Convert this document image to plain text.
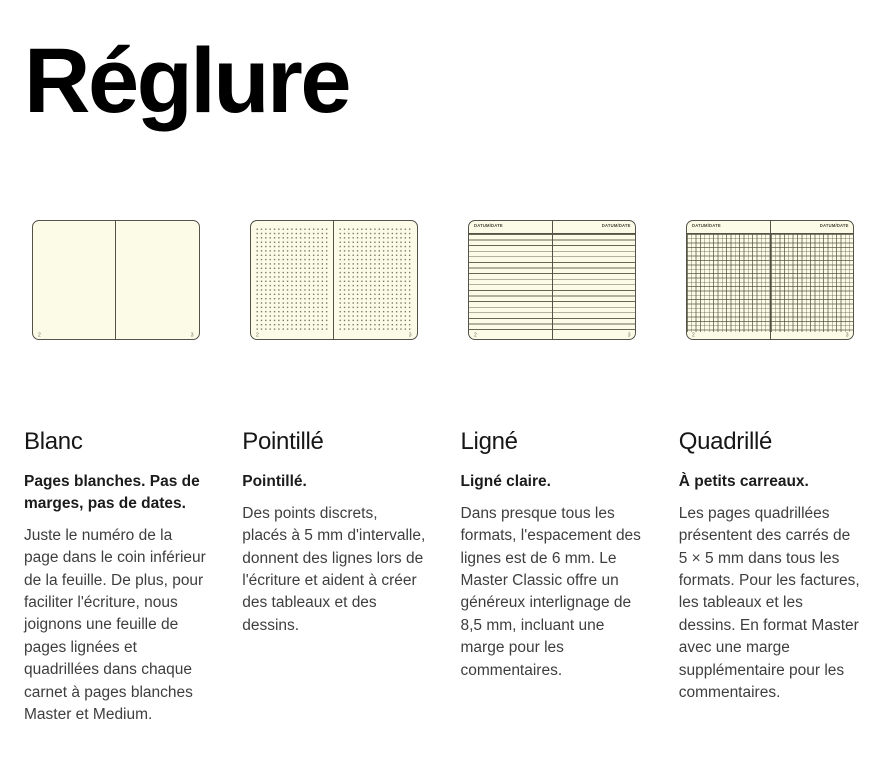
Réglure
2	3
Blanc

Pages blanches. Pas de marges, pas de dates.

Juste le numéro de la page dans le coin inférieur de la feuille. De plus, pour faciliter l'écriture, nous joignons une feuille de pages lignées et quadrillées dans chaque carnet à pages blanches Master et Medium.

2	3
Pointillé

Pointillé.

Des points discrets, placés à 5 mm d'intervalle, donnent des lignes lors de l'écriture et aident à créer des tableaux et des dessins.

DATUM/DATE
2
DATUM/DATE
3
Ligné

Ligné claire.

Dans presque tous les formats, l'espacement des lignes est de 6 mm. Le Master Classic offre un généreux interlignage de 8,5 mm, incluant une marge pour les commentaires.

DATUM/DATE
2
DATUM/DATE
3
Quadrillé

À petits carreaux.

Les pages quadrillées présentent des carrés de 5 × 5 mm dans tous les formats. Pour les factures, les tableaux et les dessins. En format Master avec une marge supplémentaire pour les commentaires.
